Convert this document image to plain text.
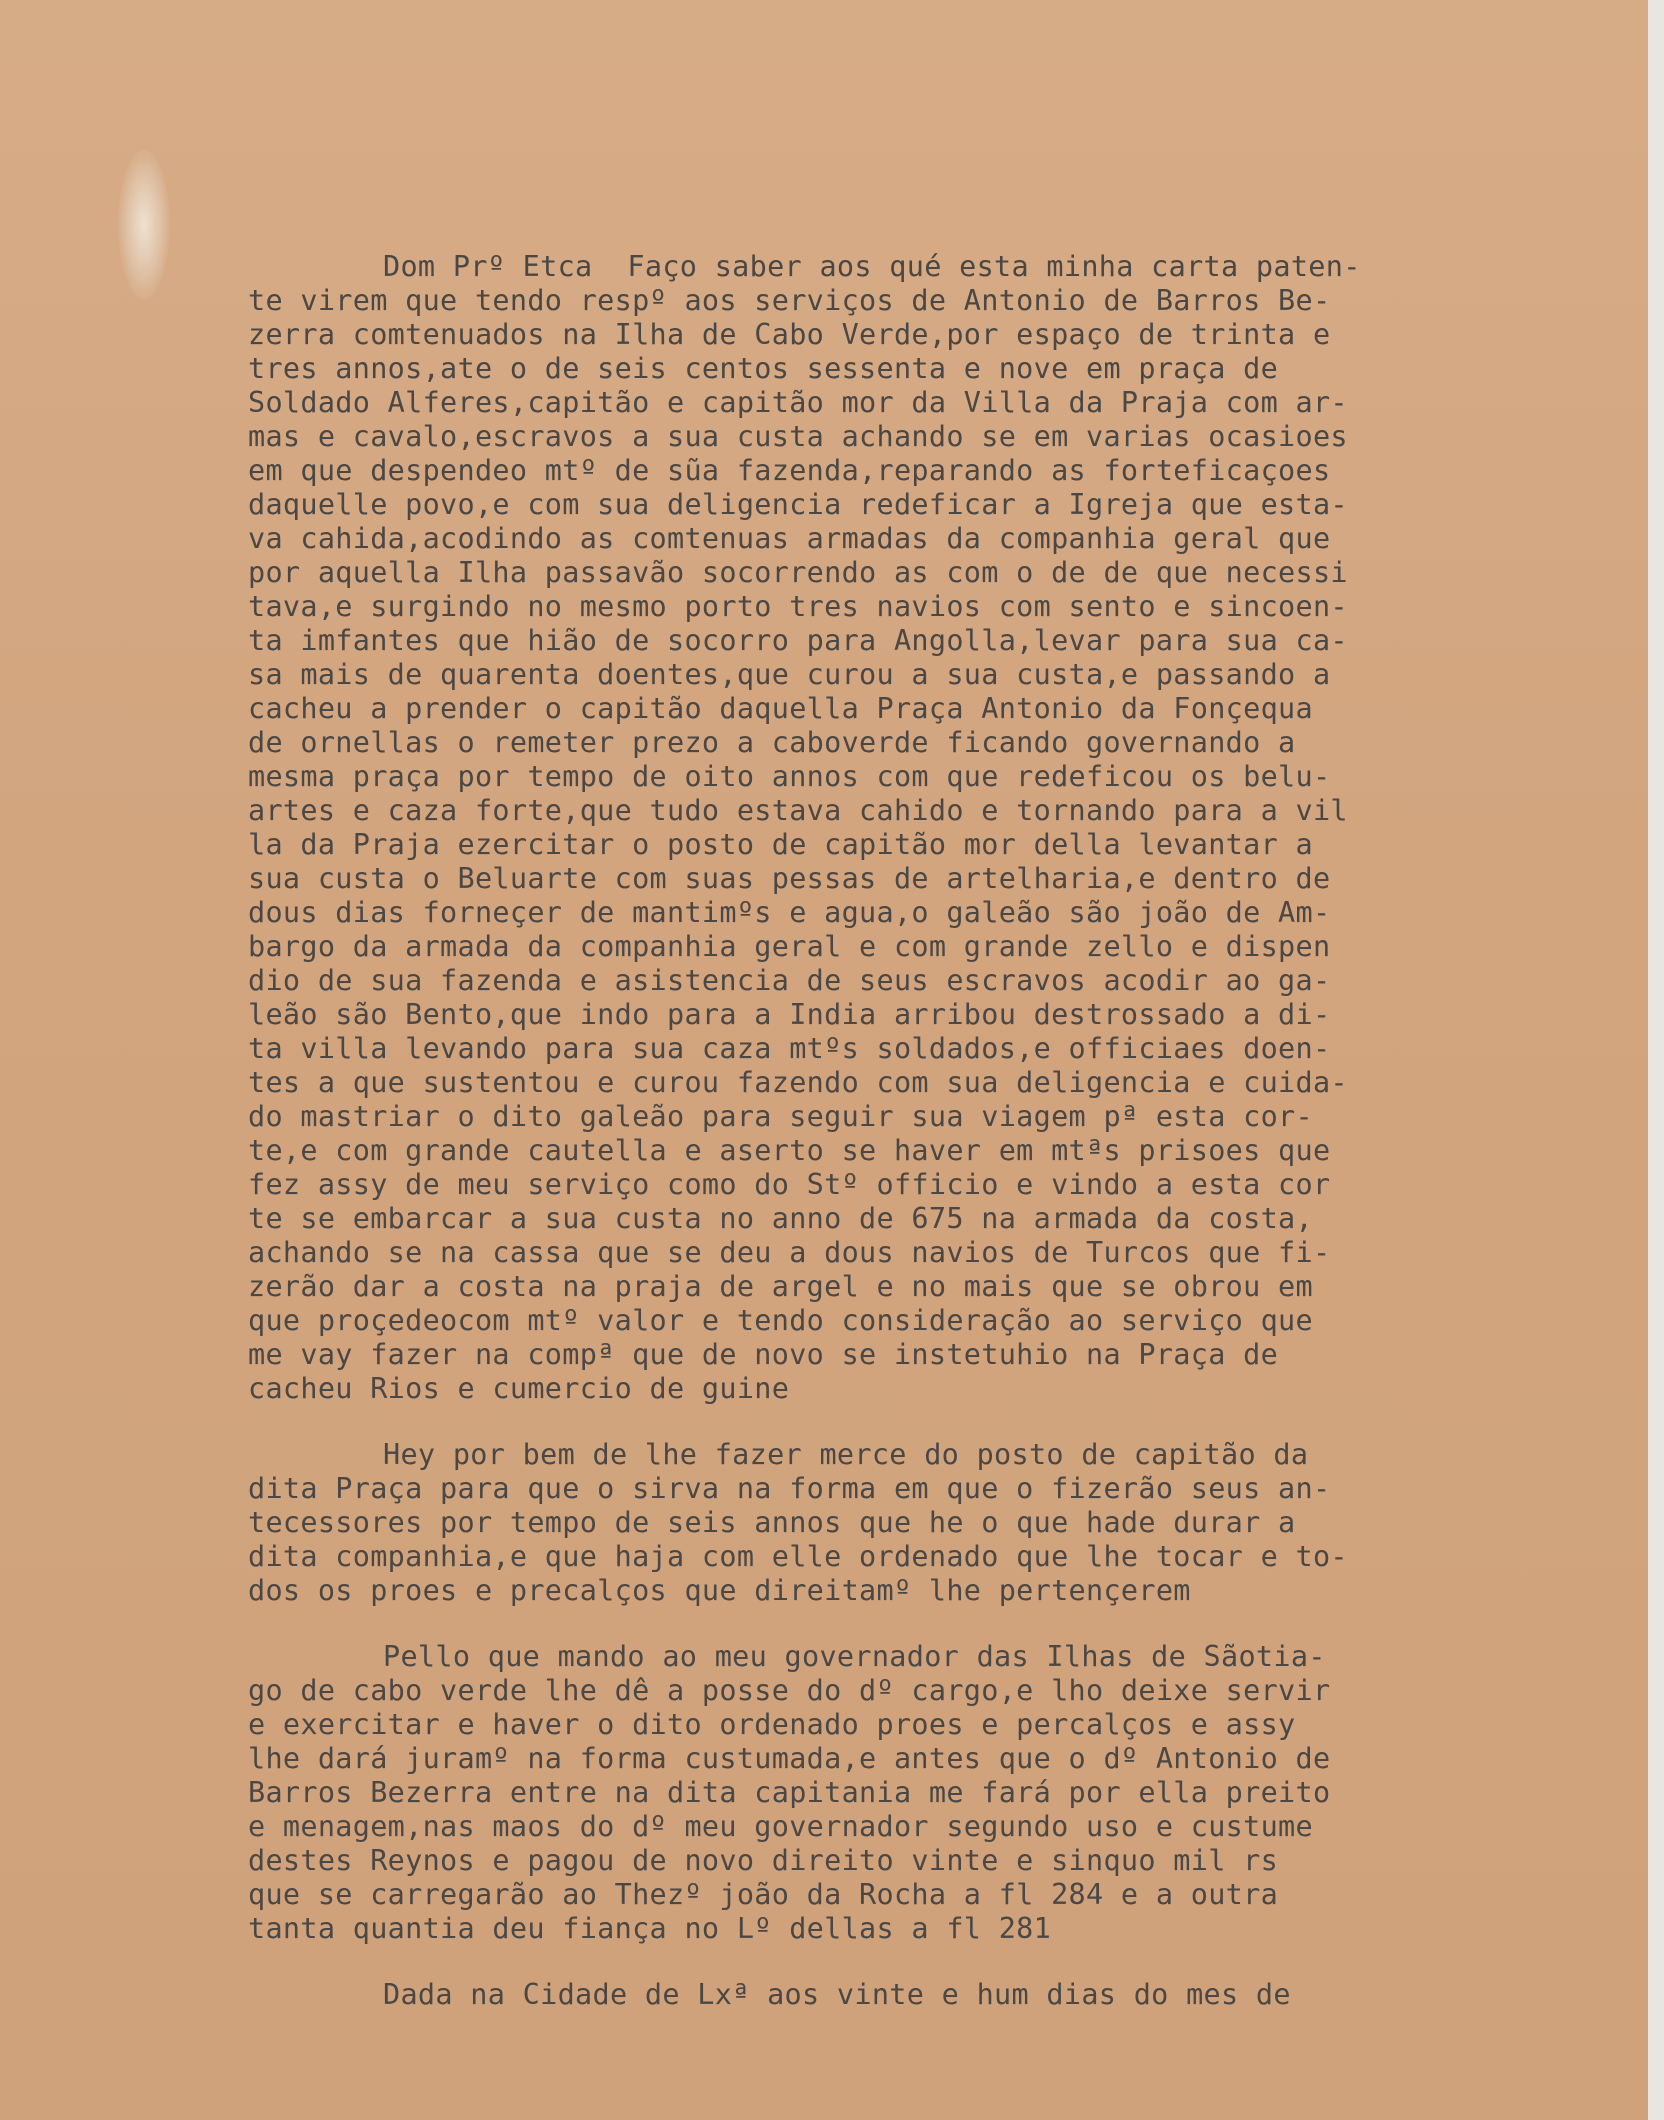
Dom Prº Etca  Faço saber aos qué esta minha carta paten-
te virem que tendo respº aos serviços de Antonio de Barros Be-
zerra comtenuados na Ilha de Cabo Verde,por espaço de trinta e
tres annos,ate o de seis centos sessenta e nove em praça de
Soldado Alferes,capitão e capitão mor da Villa da Praja com ar-
mas e cavalo,escravos a sua custa achando se em varias ocasioes
em que despendeo mtº de sũa fazenda,reparando as forteficaçoes
daquelle povo,e com sua deligencia redeficar a Igreja que esta-
va cahida,acodindo as comtenuas armadas da companhia geral que
por aquella Ilha passavão socorrendo as com o de de que necessi
tava,e surgindo no mesmo porto tres navios com sento e sincoen-
ta imfantes que hião de socorro para Angolla,levar para sua ca-
sa mais de quarenta doentes,que curou a sua custa,e passando a
cacheu a prender o capitão daquella Praça Antonio da Fonçequa
de ornellas o remeter prezo a caboverde ficando governando a
mesma praça por tempo de oito annos com que redeficou os belu-
artes e caza forte,que tudo estava cahido e tornando para a vil
la da Praja ezercitar o posto de capitão mor della levantar a
sua custa o Beluarte com suas pessas de artelharia,e dentro de
dous dias forneçer de mantimºs e agua,o galeão são joão de Am-
bargo da armada da companhia geral e com grande zello e dispen
dio de sua fazenda e asistencia de seus escravos acodir ao ga-
leão são Bento,que indo para a India arribou destrossado a di-
ta villa levando para sua caza mtºs soldados,e officiaes doen-
tes a que sustentou e curou fazendo com sua deligencia e cuida-
do mastriar o dito galeão para seguir sua viagem pª esta cor-
te,e com grande cautella e aserto se haver em mtªs prisoes que
fez assy de meu serviço como do Stº officio e vindo a esta cor
te se embarcar a sua custa no anno de 675 na armada da costa,
achando se na cassa que se deu a dous navios de Turcos que fi-
zerão dar a costa na praja de argel e no mais que se obrou em
que proçedeocom mtº valor e tendo consideração ao serviço que
me vay fazer na compª que de novo se instetuhio na Praça de
cacheu Rios e cumercio de guine
Hey por bem de lhe fazer merce do posto de capitão da
dita Praça para que o sirva na forma em que o fizerão seus an-
tecessores por tempo de seis annos que he o que hade durar a
dita companhia,e que haja com elle ordenado que lhe tocar e to-
dos os proes e precalços que direitamº lhe pertençerem
Pello que mando ao meu governador das Ilhas de Sãotia-
go de cabo verde lhe dê a posse do dº cargo,e lho deixe servir
e exercitar e haver o dito ordenado proes e percalços e assy
lhe dará juramº na forma custumada,e antes que o dº Antonio de
Barros Bezerra entre na dita capitania me fará por ella preito
e menagem,nas maos do dº meu governador segundo uso e custume
destes Reynos e pagou de novo direito vinte e sinquo mil rs
que se carregarão ao Thezº joão da Rocha a fl 284 e a outra
tanta quantia deu fiança no Lº dellas a fl 281
Dada na Cidade de Lxª aos vinte e hum dias do mes de
